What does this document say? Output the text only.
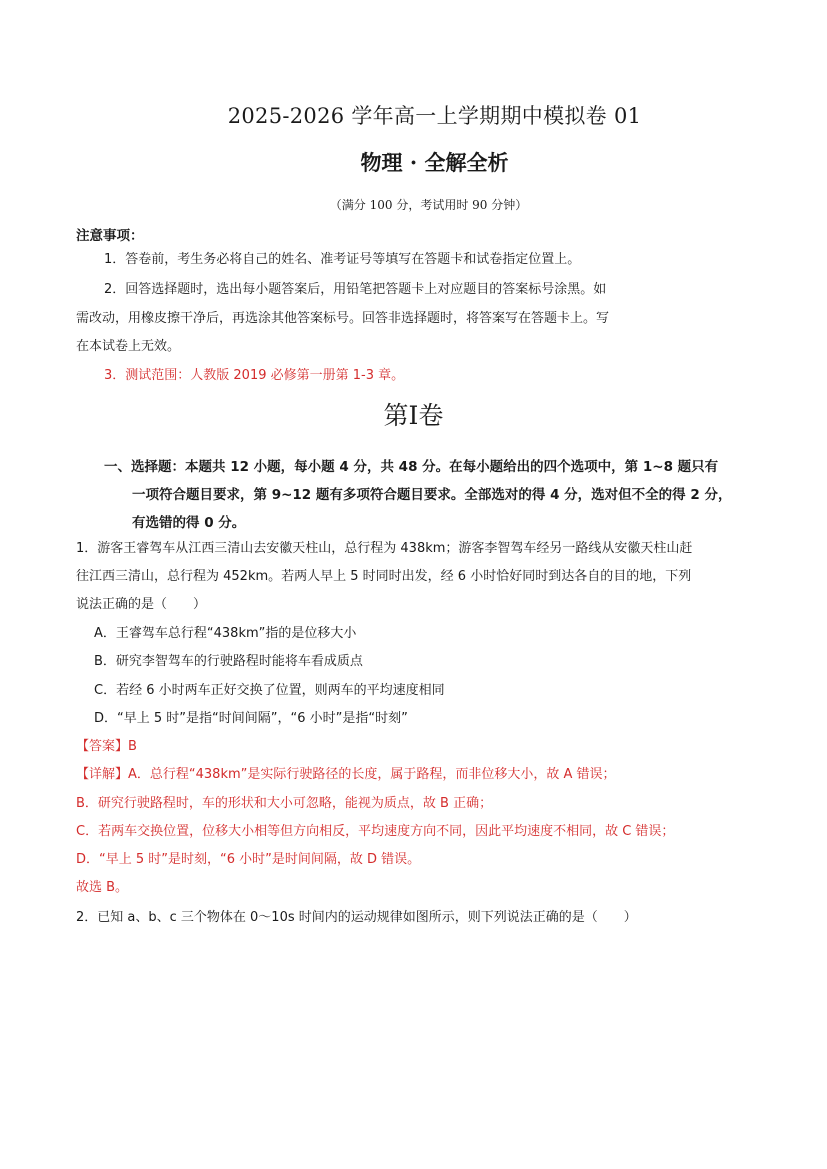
2025-2026 学年高一上学期期中模拟卷 01
物理 · 全解全析
（满分 100 分，考试用时 90 分钟）
注意事项：
1．答卷前，考生务必将自己的姓名、准考证号等填写在答题卡和试卷指定位置上。
2．回答选择题时，选出每小题答案后，用铅笔把答题卡上对应题目的答案标号涂黑。如
需改动，用橡皮擦干净后，再选涂其他答案标号。回答非选择题时，将答案写在答题卡上。写
在本试卷上无效。
3．测试范围：人教版 2019 必修第一册第 1-3 章。
第Ⅰ卷
一、选择题：本题共 12 小题，每小题 4 分，共 48 分。在每小题给出的四个选项中，第 1~8 题只有
一项符合题目要求，第 9~12 题有多项符合题目要求。全部选对的得 4 分，选对但不全的得 2 分，
有选错的得 0 分。
1．游客王睿驾车从江西三清山去安徽天柱山，总行程为 438km；游客李智驾车经另一路线从安徽天柱山赶
往江西三清山，总行程为 452km。若两人早上 5 时同时出发，经 6 小时恰好同时到达各自的目的地，下列
说法正确的是（　　）
A．王睿驾车总行程“438km”指的是位移大小
B．研究李智驾车的行驶路程时能将车看成质点
C．若经 6 小时两车正好交换了位置，则两车的平均速度相同
D．“早上 5 时”是指“时间间隔”，“6 小时”是指“时刻”
【答案】B
【详解】A．总行程“438km”是实际行驶路径的长度，属于路程，而非位移大小，故 A 错误；
B．研究行驶路程时，车的形状和大小可忽略，能视为质点，故 B 正确；
C．若两车交换位置，位移大小相等但方向相反，平均速度方向不同，因此平均速度不相同，故 C 错误；
D．“早上 5 时”是时刻，“6 小时”是时间间隔，故 D 错误。
故选 B。
2．已知 a、b、c 三个物体在 0～10s 时间内的运动规律如图所示，则下列说法正确的是（　　）
